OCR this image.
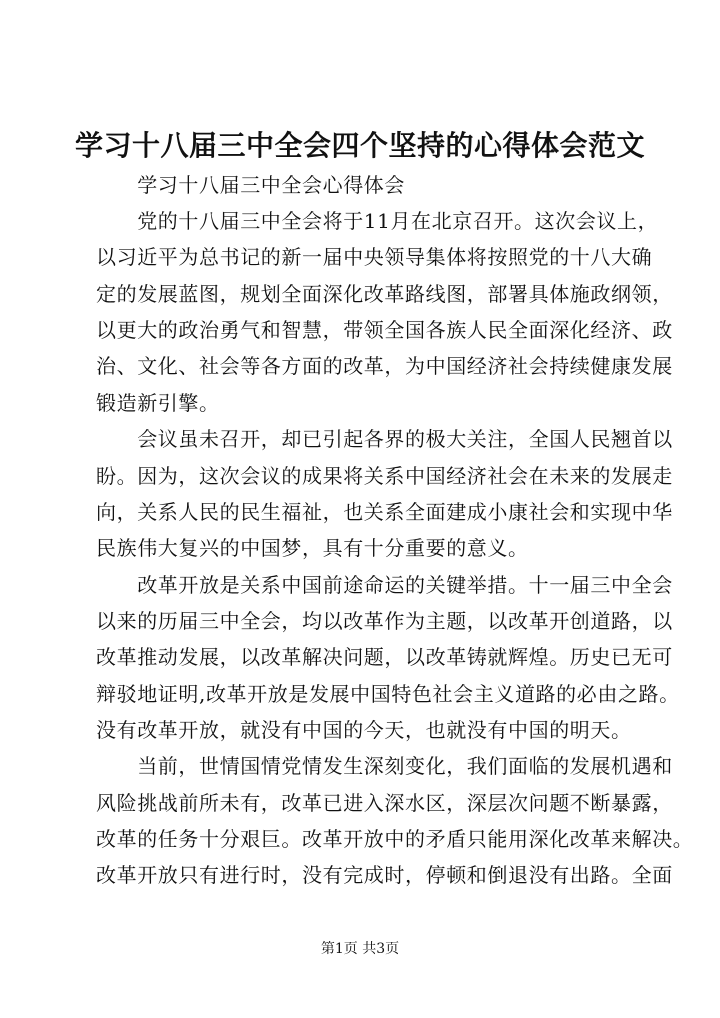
学习十八届三中全会四个坚持的心得体会范文
　　学习十八届三中全会心得体会
　　党的十八届三中全会将于11月在北京召开。这次会议上，
以习近平为总书记的新一届中央领导集体将按照党的十八大确
定的发展蓝图，规划全面深化改革路线图，部署具体施政纲领，
以更大的政治勇气和智慧，带领全国各族人民全面深化经济、政
治、文化、社会等各方面的改革，为中国经济社会持续健康发展
锻造新引擎。
　　会议虽未召开，却已引起各界的极大关注，全国人民翘首以
盼。因为，这次会议的成果将关系中国经济社会在未来的发展走
向，关系人民的民生福祉，也关系全面建成小康社会和实现中华
民族伟大复兴的中国梦，具有十分重要的意义。
　　改革开放是关系中国前途命运的关键举措。十一届三中全会
以来的历届三中全会，均以改革作为主题，以改革开创道路，以
改革推动发展，以改革解决问题，以改革铸就辉煌。历史已无可
辩驳地证明,改革开放是发展中国特色社会主义道路的必由之路。
没有改革开放，就没有中国的今天，也就没有中国的明天。
　　当前，世情国情党情发生深刻变化，我们面临的发展机遇和
风险挑战前所未有，改革已进入深水区，深层次问题不断暴露，
改革的任务十分艰巨。改革开放中的矛盾只能用深化改革来解决。
改革开放只有进行时，没有完成时，停顿和倒退没有出路。全面
第1页 共3页
